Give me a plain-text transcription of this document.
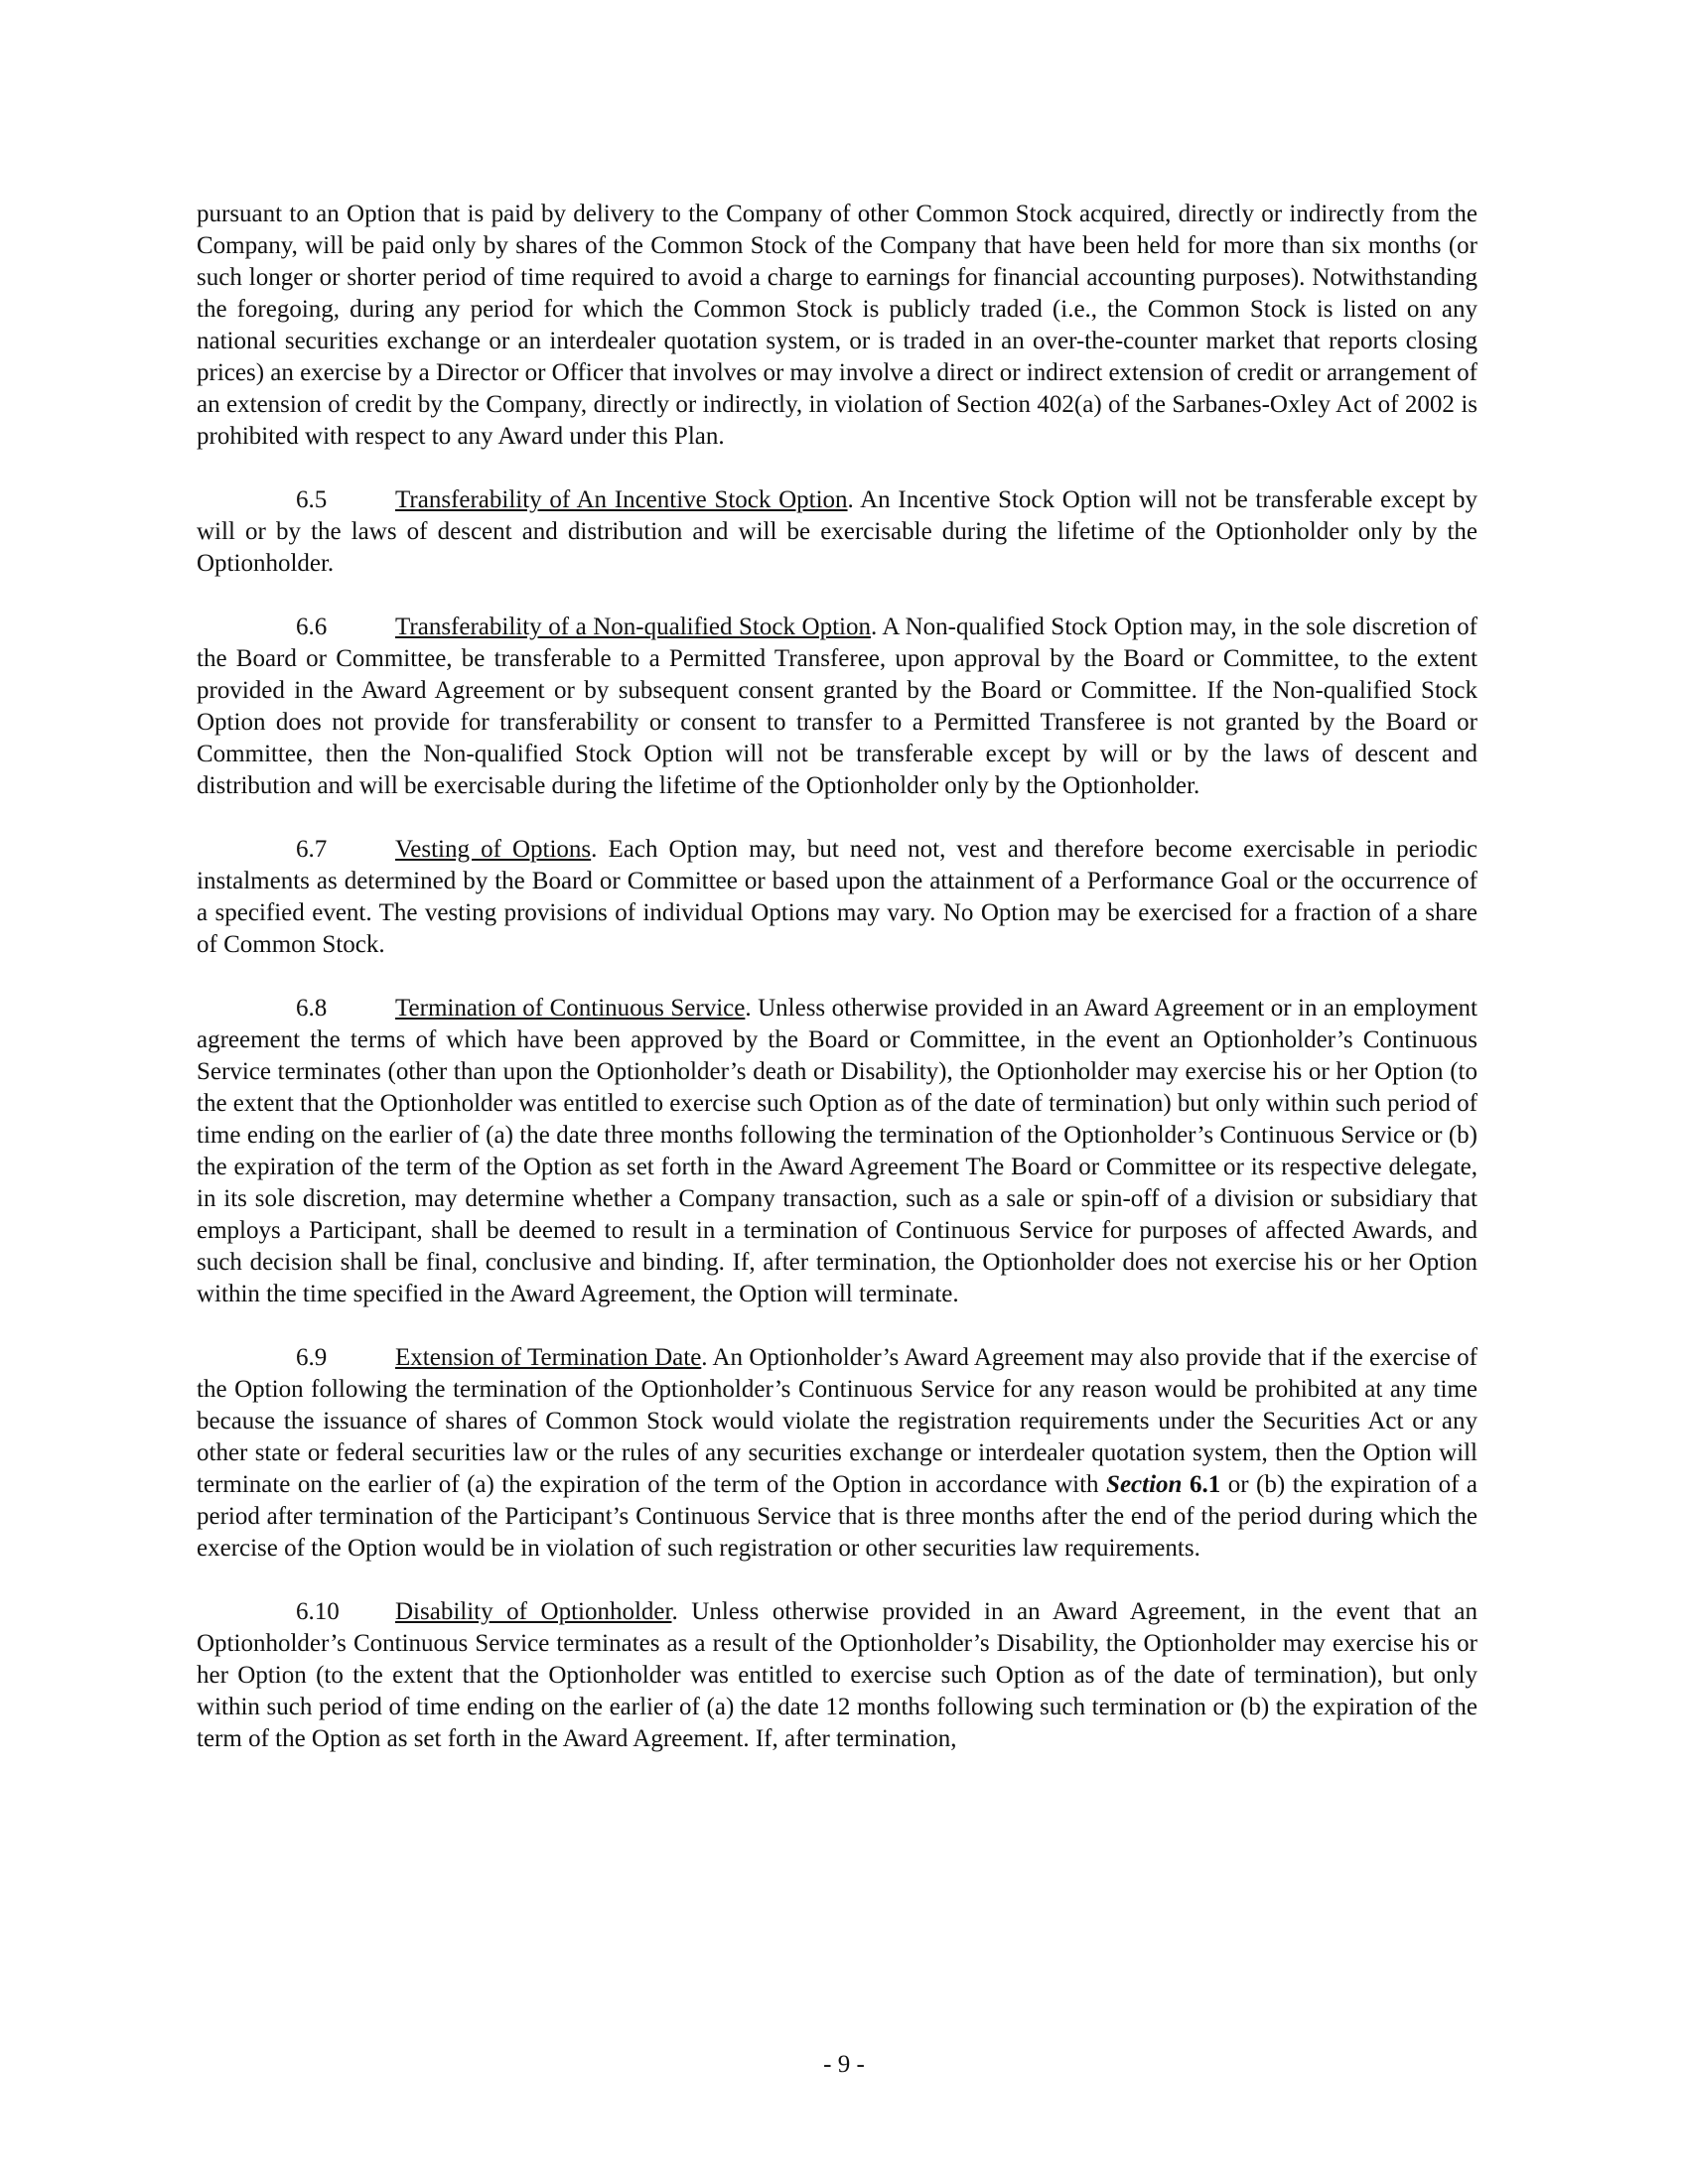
pursuant to an Option that is paid by delivery to the Company of other Common Stock acquired, directly or indirectly from the Company, will be paid only by shares of the Common Stock of the Company that have been held for more than six months (or such longer or shorter period of time required to avoid a charge to earnings for financial accounting purposes). Notwithstanding the foregoing, during any period for which the Common Stock is publicly traded (i.e., the Common Stock is listed on any national securities exchange or an interdealer quotation system, or is traded in an over-the-counter market that reports closing prices) an exercise by a Director or Officer that involves or may involve a direct or indirect extension of credit or arrangement of an extension of credit by the Company, directly or indirectly, in violation of Section 402(a) of the Sarbanes-Oxley Act of 2002 is prohibited with respect to any Award under this Plan.

6.5	Transferability of An Incentive Stock Option. An Incentive Stock Option will not be transferable except by will or by the laws of descent and distribution and will be exercisable during the lifetime of the Optionholder only by the Optionholder.

6.6	Transferability of a Non-qualified Stock Option. A Non-qualified Stock Option may, in the sole discretion of the Board or Committee, be transferable to a Permitted Transferee, upon approval by the Board or Committee, to the extent provided in the Award Agreement or by subsequent consent granted by the Board or Committee. If the Non-qualified Stock Option does not provide for transferability or consent to transfer to a Permitted Transferee is not granted by the Board or Committee, then the Non-qualified Stock Option will not be transferable except by will or by the laws of descent and distribution and will be exercisable during the lifetime of the Optionholder only by the Optionholder.

6.7	Vesting of Options. Each Option may, but need not, vest and therefore become exercisable in periodic instalments as determined by the Board or Committee or based upon the attainment of a Performance Goal or the occurrence of a specified event. The vesting provisions of individual Options may vary. No Option may be exercised for a fraction of a share of Common Stock.

6.8	Termination of Continuous Service. Unless otherwise provided in an Award Agreement or in an employment agreement the terms of which have been approved by the Board or Committee, in the event an Optionholder’s Continuous Service terminates (other than upon the Optionholder’s death or Disability), the Optionholder may exercise his or her Option (to the extent that the Optionholder was entitled to exercise such Option as of the date of termination) but only within such period of time ending on the earlier of (a) the date three months following the termination of the Optionholder’s Continuous Service or (b) the expiration of the term of the Option as set forth in the Award Agreement The Board or Committee or its respective delegate, in its sole discretion, may determine whether a Company transaction, such as a sale or spin-off of a division or subsidiary that employs a Participant, shall be deemed to result in a termination of Continuous Service for purposes of affected Awards, and such decision shall be final, conclusive and binding. If, after termination, the Optionholder does not exercise his or her Option within the time specified in the Award Agreement, the Option will terminate.

6.9	Extension of Termination Date. An Optionholder’s Award Agreement may also provide that if the exercise of the Option following the termination of the Optionholder’s Continuous Service for any reason would be prohibited at any time because the issuance of shares of Common Stock would violate the registration requirements under the Securities Act or any other state or federal securities law or the rules of any securities exchange or interdealer quotation system, then the Option will terminate on the earlier of (a) the expiration of the term of the Option in accordance with Section 6.1 or (b) the expiration of a period after termination of the Participant’s Continuous Service that is three months after the end of the period during which the exercise of the Option would be in violation of such registration or other securities law requirements.

6.10 Disability of Optionholder. Unless otherwise provided in an Award Agreement, in the event that an Optionholder’s Continuous Service terminates as a result of the Optionholder’s Disability, the Optionholder may exercise his or her Option (to the extent that the Optionholder was entitled to exercise such Option as of the date of termination), but only within such period of time ending on the earlier of (a) the date 12 months following such termination or (b) the expiration of the term of the Option as set forth in the Award Agreement. If, after termination,

- 9 -
